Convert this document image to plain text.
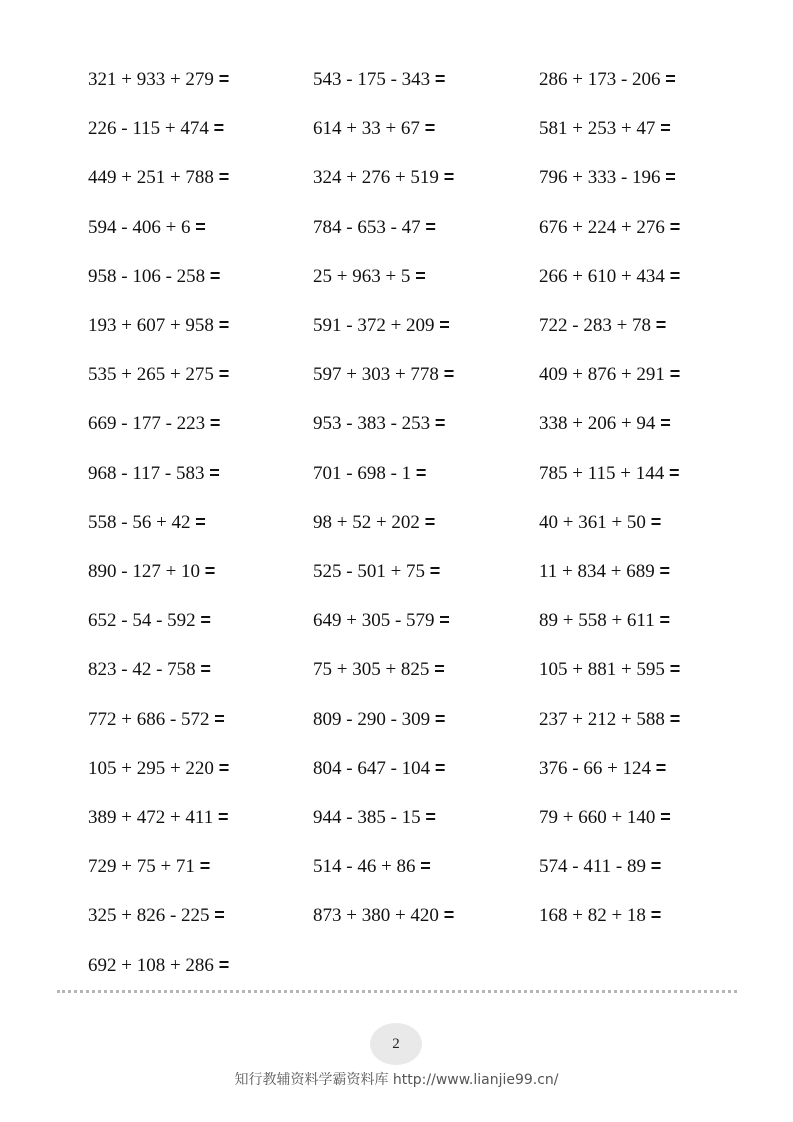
321 + 933 + 279 =	543 - 175 - 343 =	286 + 173 - 206 =
226 - 115 + 474 =	614 + 33 + 67 =	581 + 253 + 47 =
449 + 251 + 788 =	324 + 276 + 519 =	796 + 333 - 196 =
594 - 406 + 6 =	784 - 653 - 47 =	676 + 224 + 276 =
958 - 106 - 258 =	25 + 963 + 5 =	266 + 610 + 434 =
193 + 607 + 958 =	591 - 372 + 209 =	722 - 283 + 78 =
535 + 265 + 275 =	597 + 303 + 778 =	409 + 876 + 291 =
669 - 177 - 223 =	953 - 383 - 253 =	338 + 206 + 94 =
968 - 117 - 583 =	701 - 698 - 1 =	785 + 115 + 144 =
558 - 56 + 42 =	98 + 52 + 202 =	40 + 361 + 50 =
890 - 127 + 10 =	525 - 501 + 75 =	11 + 834 + 689 =
652 - 54 - 592 =	649 + 305 - 579 =	89 + 558 + 611 =
823 - 42 - 758 =	75 + 305 + 825 =	105 + 881 + 595 =
772 + 686 - 572 =	809 - 290 - 309 =	237 + 212 + 588 =
105 + 295 + 220 =	804 - 647 - 104 =	376 - 66 + 124 =
389 + 472 + 411 =	944 - 385 - 15 =	79 + 660 + 140 =
729 + 75 + 71 =	514 - 46 + 86 =	574 - 411 - 89 =
325 + 826 - 225 =	873 + 380 + 420 =	168 + 82 + 18 =
692 + 108 + 286 =
2
知行教辅资料学霸资料库 http://www.lianjie99.cn/
